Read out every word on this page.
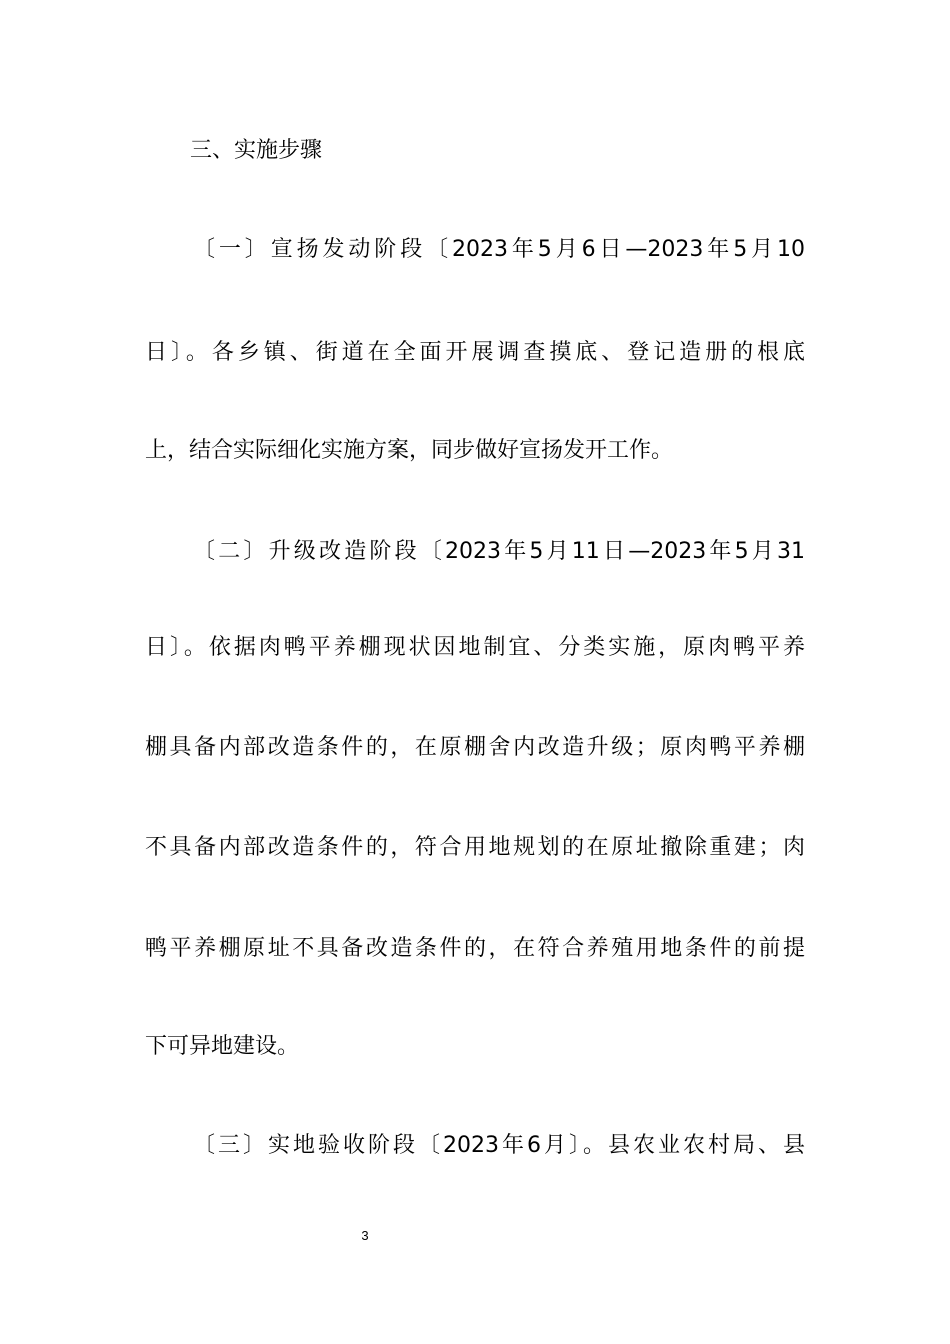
三、实施步骤
〔一〕宣扬发动阶段〔2023年5月6日—2023年5月10
日〕。各乡镇、街道在全面开展调查摸底、登记造册的根底
上，结合实际细化实施方案，同步做好宣扬发开工作。
〔二〕升级改造阶段〔2023年5月11日—2023年5月31
日〕。依据肉鸭平养棚现状因地制宜、分类实施，原肉鸭平养
棚具备内部改造条件的，在原棚舍内改造升级；原肉鸭平养棚
不具备内部改造条件的，符合用地规划的在原址撤除重建；肉
鸭平养棚原址不具备改造条件的，在符合养殖用地条件的前提
下可异地建设。
〔三〕实地验收阶段〔2023年6月〕。县农业农村局、县
3
